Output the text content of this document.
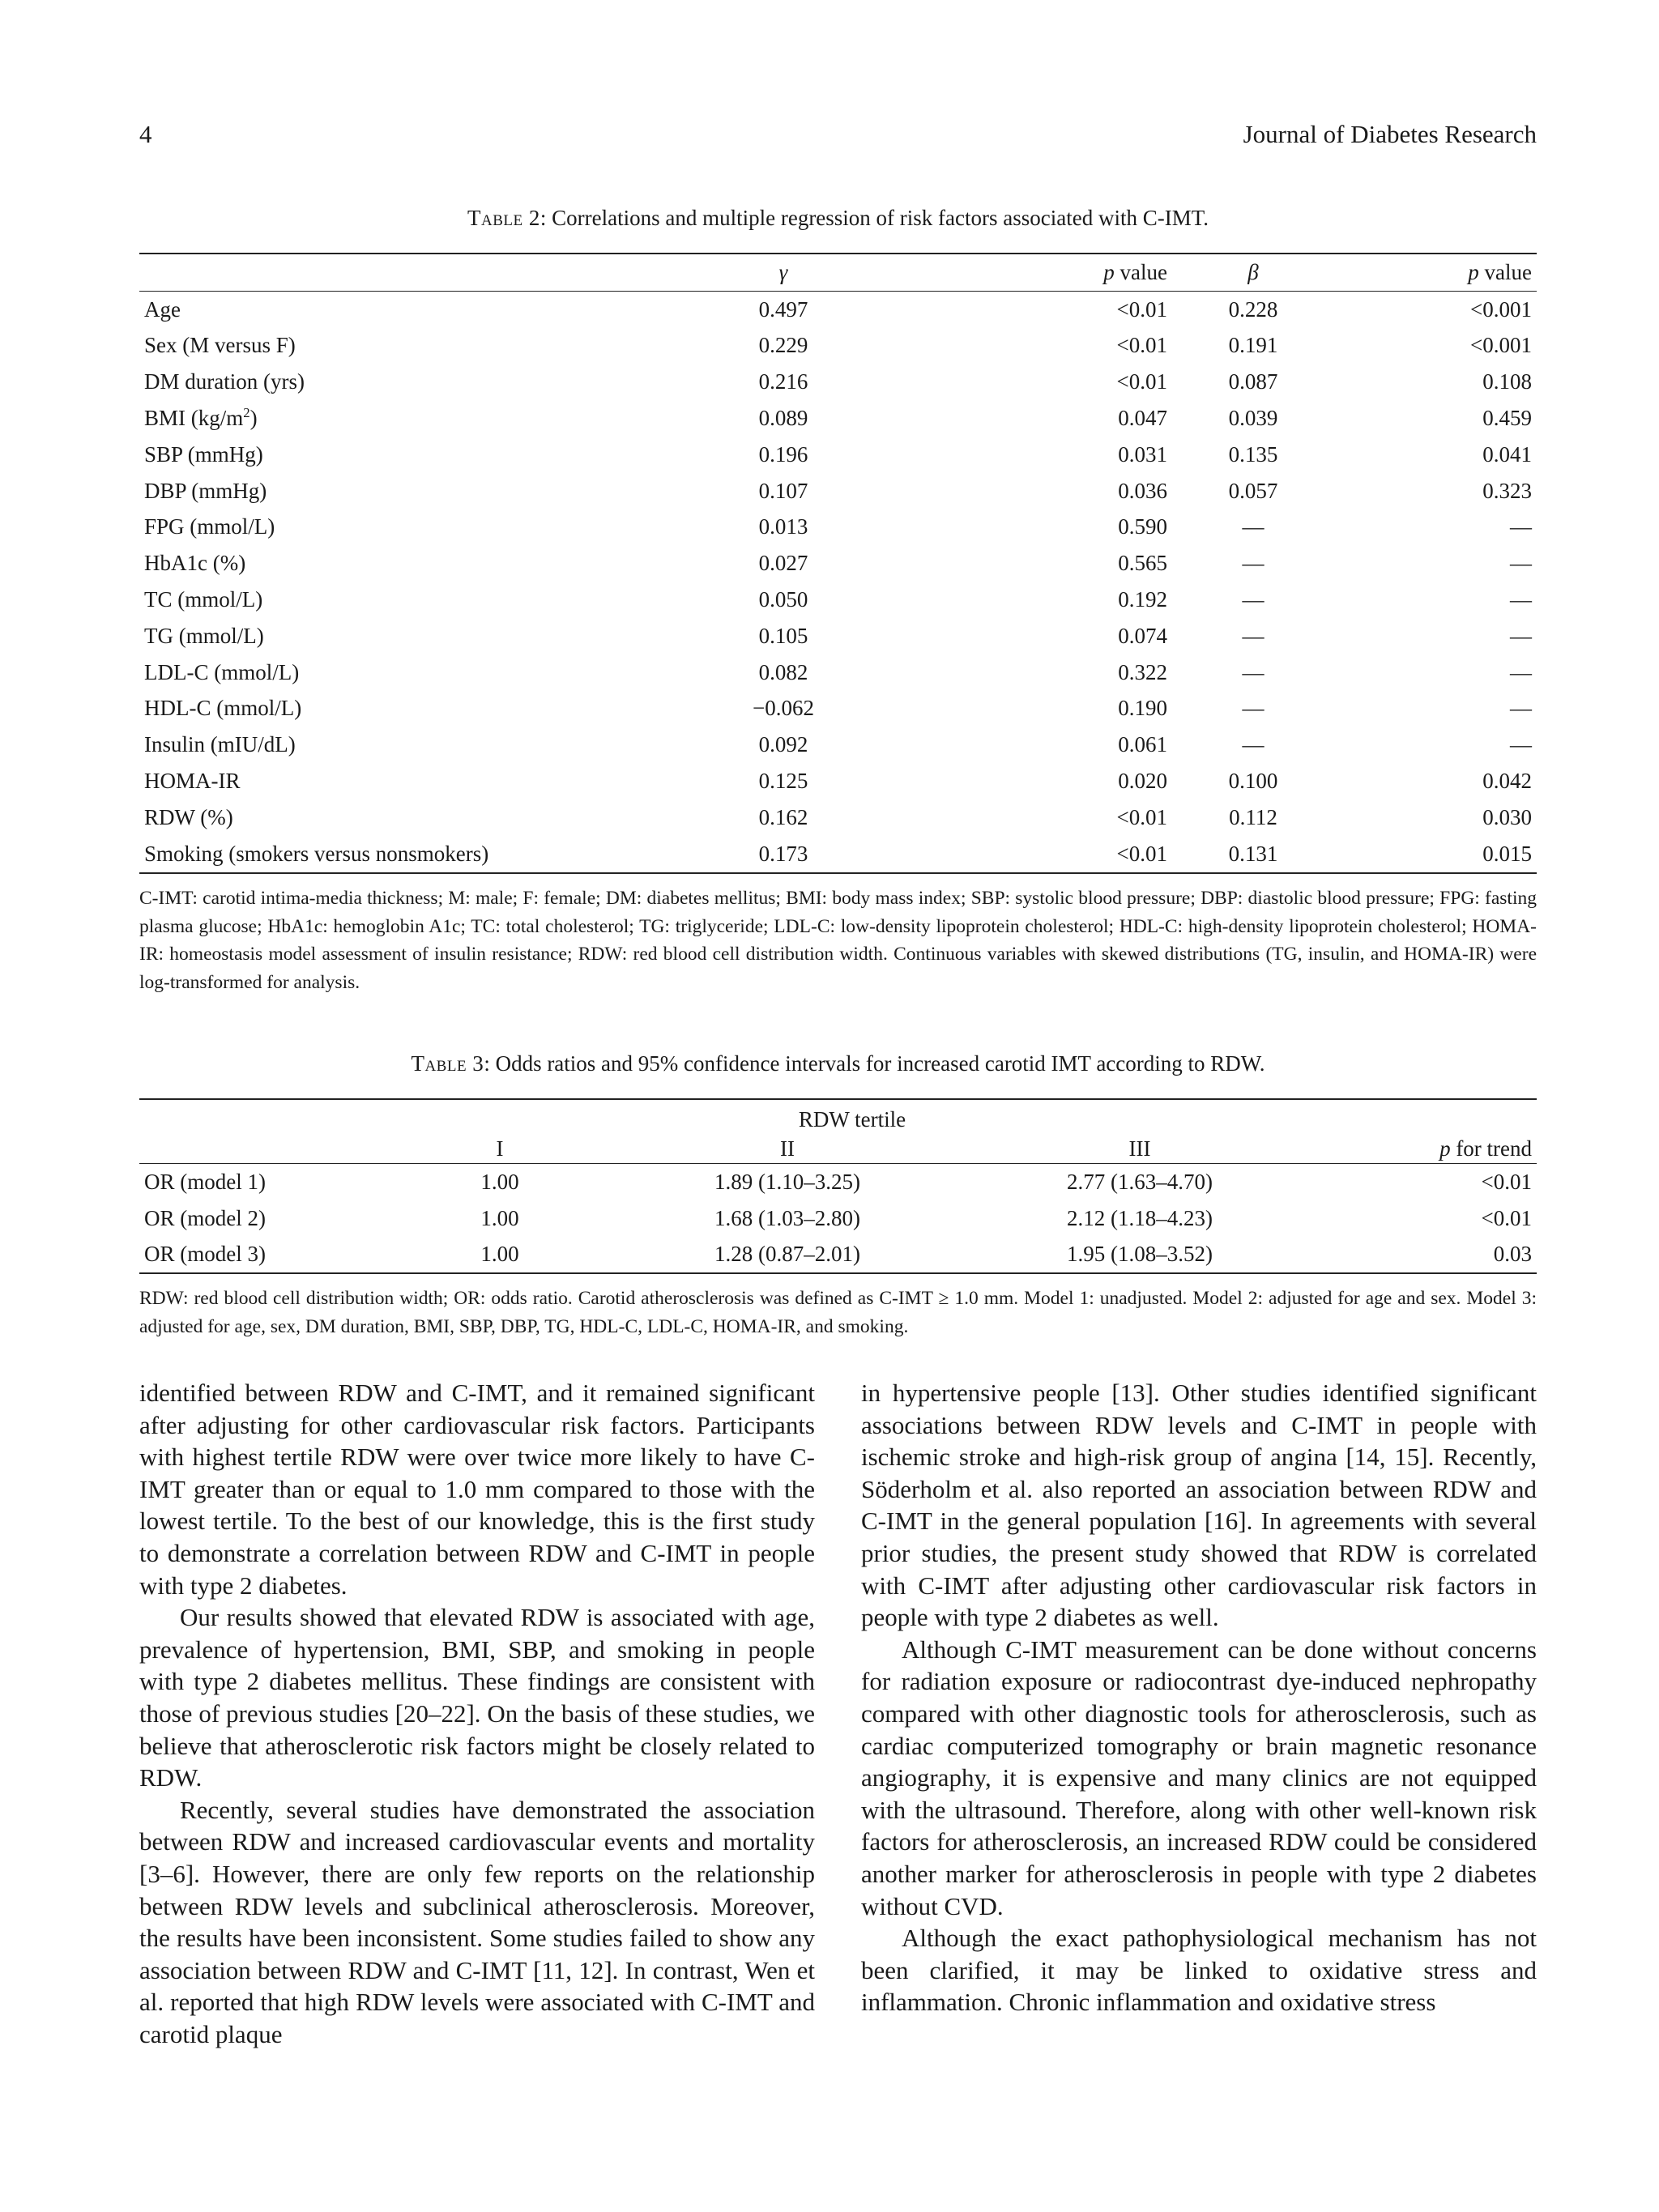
4	Journal of Diabetes Research
Table 2: Correlations and multiple regression of risk factors associated with C-IMT.
	γ	p value	β	p value
Age	0.497	<0.01	0.228	<0.001
Sex (M versus F)	0.229	<0.01	0.191	<0.001
DM duration (yrs)	0.216	<0.01	0.087	0.108
BMI $(kg/m^2)$	0.089	0.047	0.039	0.459
SBP (mmHg)	0.196	0.031	0.135	0.041
DBP (mmHg)	0.107	0.036	0.057	0.323
FPG (mmol/L)	0.013	0.590	—	—
HbA1c (%)	0.027	0.565	—	—
TC (mmol/L)	0.050	0.192	—	—
TG (mmol/L)	0.105	0.074	—	—
LDL-C (mmol/L)	0.082	0.322	—	—
HDL-C (mmol/L)	−0.062	0.190	—	—
Insulin (mIU/dL)	0.092	0.061	—	—
HOMA-IR	0.125	0.020	0.100	0.042
RDW (%)	0.162	<0.01	0.112	0.030
Smoking (smokers versus nonsmokers)	0.173	<0.01	0.131	0.015
C-IMT: carotid intima-media thickness; M: male; F: female; DM: diabetes mellitus; BMI: body mass index; SBP: systolic blood pressure; DBP: diastolic blood pressure; FPG: fasting plasma glucose; HbA1c: hemoglobin A1c; TC: total cholesterol; TG: triglyceride; LDL-C: low-density lipoprotein cholesterol; HDL-C: high-density lipoprotein cholesterol; HOMA-IR: homeostasis model assessment of insulin resistance; RDW: red blood cell distribution width. Continuous variables with skewed distributions (TG, insulin, and HOMA-IR) were log-transformed for analysis.
Table 3: Odds ratios and 95% confidence intervals for increased carotid IMT according to RDW.
	RDW tertile			
	I	II	III	p for trend
OR (model 1)	1.00	1.89 (1.10–3.25)	2.77 (1.63–4.70)	<0.01
OR (model 2)	1.00	1.68 (1.03–2.80)	2.12 (1.18–4.23)	<0.01
OR (model 3)	1.00	1.28 (0.87–2.01)	1.95 (1.08–3.52)	0.03
RDW: red blood cell distribution width; OR: odds ratio. Carotid atherosclerosis was defined as C-IMT ≥ 1.0 mm. Model 1: unadjusted. Model 2: adjusted for age and sex. Model 3: adjusted for age, sex, DM duration, BMI, SBP, DBP, TG, HDL-C, LDL-C, HOMA-IR, and smoking.

identified between RDW and C-IMT, and it remained significant after adjusting for other cardiovascular risk factors. Participants with highest tertile RDW were over twice more likely to have C-IMT greater than or equal to 1.0 mm compared to those with the lowest tertile. To the best of our knowledge, this is the first study to demonstrate a correlation between RDW and C-IMT in people with type 2 diabetes.

Our results showed that elevated RDW is associated with age, prevalence of hypertension, BMI, SBP, and smoking in people with type 2 diabetes mellitus. These findings are consistent with those of previous studies [20–22]. On the basis of these studies, we believe that atherosclerotic risk factors might be closely related to RDW.

Recently, several studies have demonstrated the association between RDW and increased cardiovascular events and mortality [3–6]. However, there are only few reports on the relationship between RDW levels and subclinical atherosclerosis. Moreover, the results have been inconsistent. Some studies failed to show any association between RDW and C-IMT [11, 12]. In contrast, Wen et al. reported that high RDW levels were associated with C-IMT and carotid plaque

in hypertensive people [13]. Other studies identified significant associations between RDW levels and C-IMT in people with ischemic stroke and high-risk group of angina [14, 15]. Recently, Söderholm et al. also reported an association between RDW and C-IMT in the general population [16]. In agreements with several prior studies, the present study showed that RDW is correlated with C-IMT after adjusting other cardiovascular risk factors in people with type 2 diabetes as well.

Although C-IMT measurement can be done without concerns for radiation exposure or radiocontrast dye-induced nephropathy compared with other diagnostic tools for atherosclerosis, such as cardiac computerized tomography or brain magnetic resonance angiography, it is expensive and many clinics are not equipped with the ultrasound. Therefore, along with other well-known risk factors for atherosclerosis, an increased RDW could be considered another marker for atherosclerosis in people with type 2 diabetes without CVD.

Although the exact pathophysiological mechanism has not been clarified, it may be linked to oxidative stress and inflammation. Chronic inflammation and oxidative stress
